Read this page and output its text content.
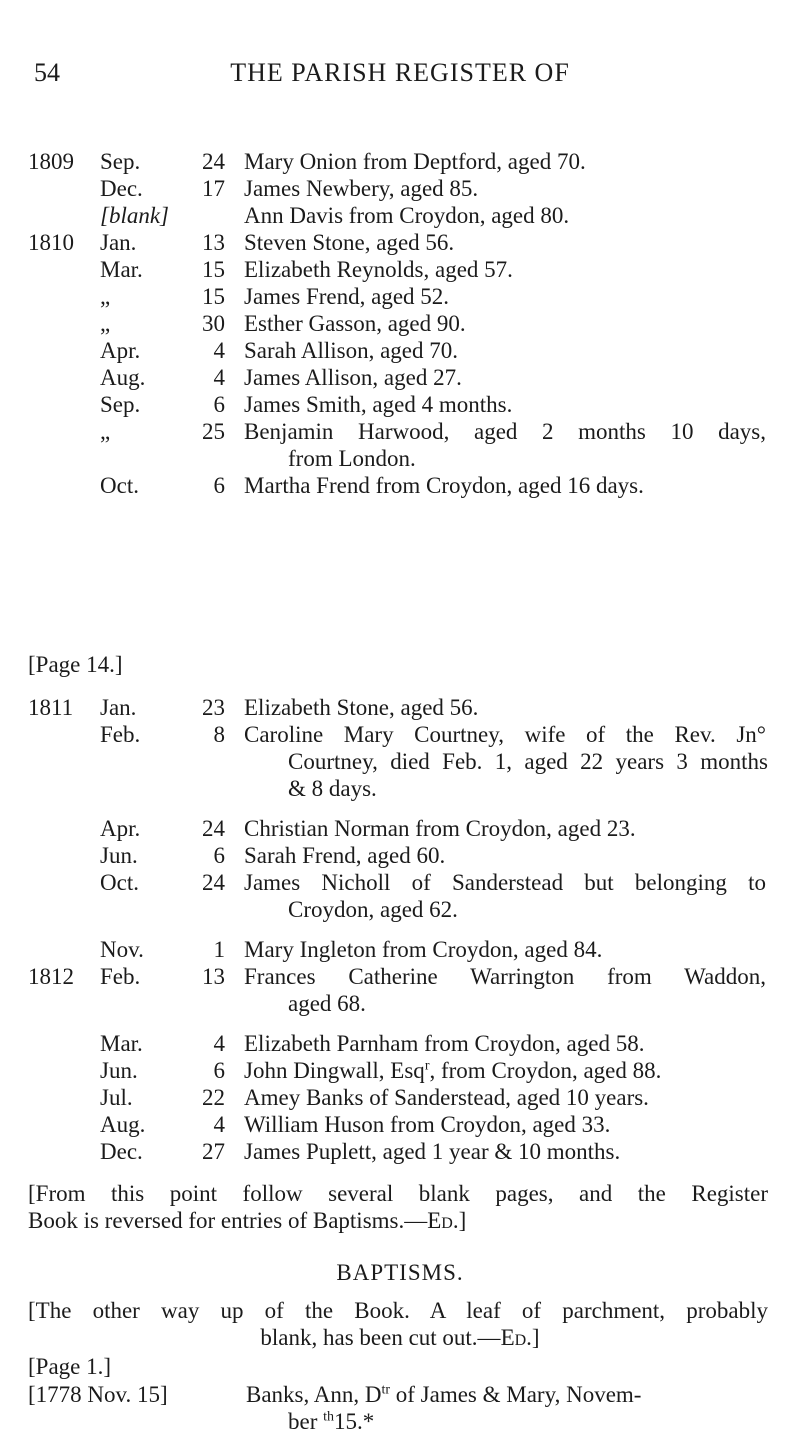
54	THE PARISH REGISTER OF
1809 Sep.	24 Mary Onion from Deptford, aged 70.
Dec.	17 James Newbery, aged 85.
[blank]	Ann Davis from Croydon, aged 80.
1810 Jan.	13 Steven Stone, aged 56.
Mar.	15 Elizabeth Reynolds, aged 57.
„	15 James Frend, aged 52.
„	30 Esther Gasson, aged 90.
Apr.	4 Sarah Allison, aged 70.
Aug.	4 James Allison, aged 27.
Sep.	6 James Smith, aged 4 months.
„	25 Benjamin Harwood, aged 2 months 10 days,
from London.
Oct.	6 Martha Frend from Croydon, aged 16 days.
[Page 14.]
1811 Jan.	23 Elizabeth Stone, aged 56.
Feb.	8 Caroline Mary Courtney, wife of the Rev. Jn°
Courtney, died Feb. 1, aged 22 years 3 months
& 8 days.
Apr.	24 Christian Norman from Croydon, aged 23.
Jun.	6 Sarah Frend, aged 60.
Oct.	24 James Nicholl of Sanderstead but belonging to
Croydon, aged 62.
Nov.	1 Mary Ingleton from Croydon, aged 84.
1812 Feb.	13 Frances Catherine Warrington from Waddon,
aged 68.
Mar.	4 Elizabeth Parnham from Croydon, aged 58.
Jun.	6 John Dingwall, Esq$^r$, from Croydon, aged 88.
Jul.	22 Amey Banks of Sanderstead, aged 10 years.
Aug.	4 William Huson from Croydon, aged 33.
Dec.	27 James Puplett, aged 1 year & 10 months.
[From this point follow several blank pages, and the Register
Book is reversed for entries of Baptisms.—Ed.]
BAPTISMS.
[The other way up of the Book. A leaf of parchment, probably
blank, has been cut out.—Ed.]
[Page 1.]
[1778 Nov. 15]	Banks, Ann, $D^{tr}$ of James & Mary, Novem-
ber $^{th}$15.*
